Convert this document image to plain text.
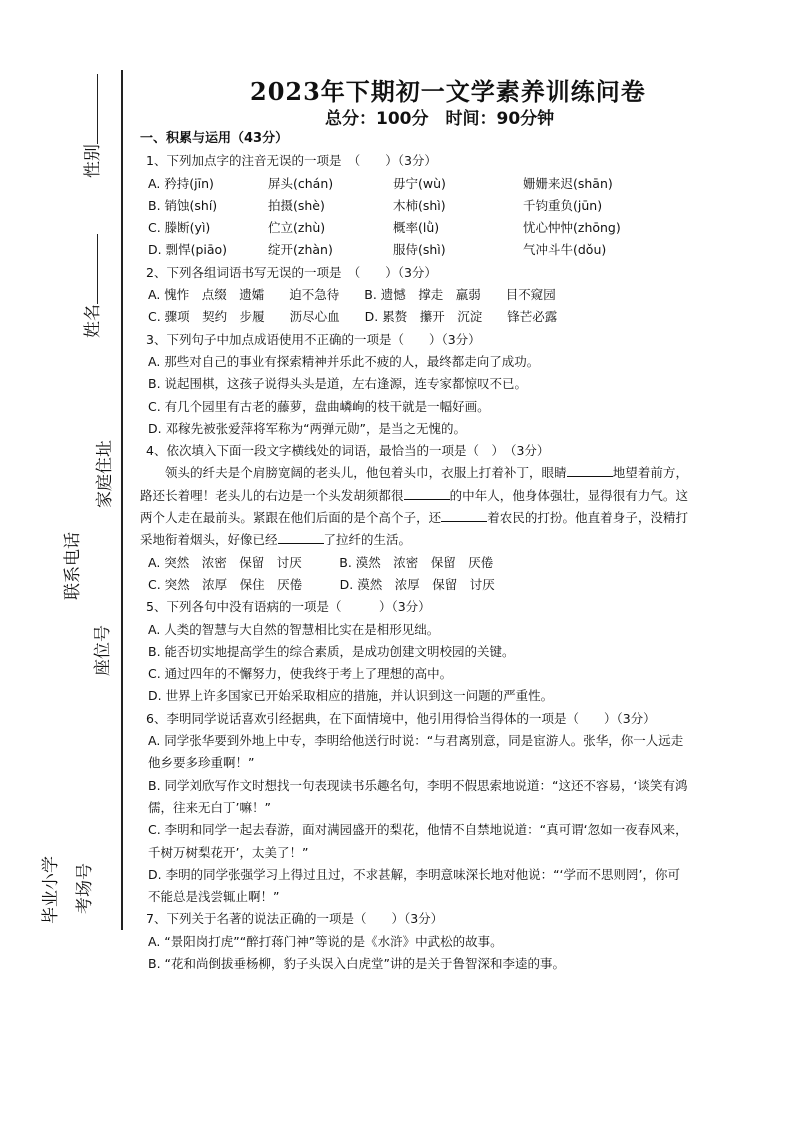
性别
姓名
家庭住址
联系电话
座位号
毕业小学 考场号
2023年下期初一文学素养训练问卷
总分：100分　时间：90分钟

一、积累与运用（43分）

1、下列加点字的注音无误的一项是　（　　）（3分）

A. 矜持(jīn)	屏头(chán)	毋宁(wù)	姗姗来迟(shān)
B. 销蚀(shí)	拍摄(shè)	木柿(shì)	千钧重负(jūn)
C. 滕断(yì)	伫立(zhù)	概率(lǜ)	忧心忡忡(zhōng)
D. 剽悍(piāo)	绽开(zhàn)	服侍(shì)	气冲斗牛(dǒu)

2、下列各组词语书写无误的一项是　（　　）（3分）

A. 愧怍　点缀　遗孀　　迫不急待　　B. 遗憾　撑走　羸弱　　目不窥园

C. 骤项　契约　步履　　沥尽心血　　D. 累赘　攥开　沉淀　　锋芒必露

3、下列句子中加点成语使用不正确的一项是（　　）（3分）

A. 那些对自己的事业有探索精神并乐此不疲的人，最终都走向了成功。

B. 说起围棋，这孩子说得头头是道，左右逢源，连专家都惊叹不已。

C. 有几个园里有古老的藤萝，盘曲嶙峋的枝干就是一幅好画。

D. 邓稼先被张爱萍将军称为“两弹元勋”，是当之无愧的。

4、依次填入下面一段文字横线处的词语，最恰当的一项是（　）　（3分）

领头的纤夫是个肩膀宽阔的老头儿，他包着头巾，衣服上打着补丁，眼睛	地望着前方，路还长着哩！老头儿的右边是一个头发胡须都很	的中年人，他身体强壮，显得很有力气。这两个人走在最前头。紧跟在他们后面的是个高个子，还	着农民的打扮。他直着身子，没精打采地衔着烟头，好像已经	了拉纤的生活。

A. 突然　浓密　保留　讨厌　　　B. 漠然　浓密　保留　厌倦

C. 突然　浓厚　保住　厌倦　　　D. 漠然　浓厚　保留　讨厌

5、下列各句中没有语病的一项是（　　　）（3分）

A. 人类的智慧与大自然的智慧相比实在是相形见绌。

B. 能否切实地提高学生的综合素质，是成功创建文明校园的关键。

C. 通过四年的不懈努力，使我终于考上了理想的高中。

D. 世界上许多国家已开始采取相应的措施，并认识到这一问题的严重性。

6、李明同学说话喜欢引经据典，在下面情境中，他引用得恰当得体的一项是（　　）（3分）

A. 同学张华要到外地上中专，李明给他送行时说：“与君离别意，同是宦游人。张华，你一人远走他乡要多珍重啊！”

B. 同学刘欣写作文时想找一句表现读书乐趣名句，李明不假思索地说道：“这还不容易，‘谈笑有鸿儒，往来无白丁’嘛！”

C. 李明和同学一起去春游，面对满园盛开的梨花，他情不自禁地说道：“真可谓‘忽如一夜春风来，千树万树梨花开’，太美了！”

D. 李明的同学张强学习上得过且过，不求甚解，李明意味深长地对他说：“‘学而不思则罔’，你可不能总是浅尝辄止啊！”

7、下列关于名著的说法正确的一项是（　　）（3分）

A. “景阳岗打虎”“醉打蒋门神”等说的是《水浒》中武松的故事。

B. “花和尚倒拔垂杨柳，豹子头误入白虎堂”讲的是关于鲁智深和李逵的事。
